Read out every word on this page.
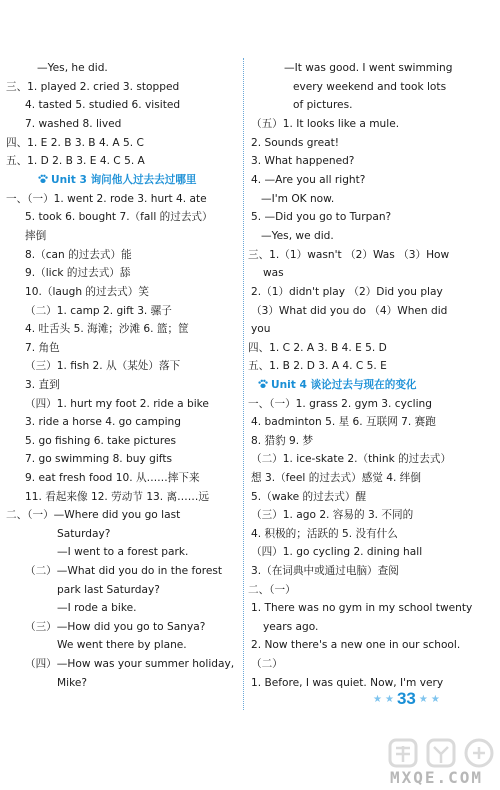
—Yes, he did.
三、1. played 2. cried 3. stopped
4. tasted 5. studied 6. visited
7. washed 8. lived
四、1. E 2. B 3. B 4. A 5. C
五、1. D 2. B 3. E 4. C 5. A
Unit 3 询问他人过去去过哪里
一、（一）1. went 2. rode 3. hurt 4. ate
5. took 6. bought 7.（fall 的过去式）
摔倒
8.（can 的过去式）能
9.（lick 的过去式）舔
10.（laugh 的过去式）笑
（二）1. camp 2. gift 3. 骡子
4. 吐舌头 5. 海滩；沙滩 6. 篮；筐
7. 角色
（三）1. fish 2. 从（某处）落下
3. 直到
（四）1. hurt my foot 2. ride a bike
3. ride a horse 4. go camping
5. go fishing 6. take pictures
7. go swimming 8. buy gifts
9. eat fresh food 10. 从……摔下来
11. 看起来像 12. 劳动节 13. 离……远
二、（一）—Where did you go last
Saturday?
—I went to a forest park.
（二）—What did you do in the forest
park last Saturday?
—I rode a bike.
（三）—How did you go to Sanya?
We went there by plane.
（四）—How was your summer holiday,
Mike?
—It was good. I went swimming
every weekend and took lots
of pictures.
（五）1. It looks like a mule.
2. Sounds great!
3. What happened?
4. —Are you all right?
—I'm OK now.
5. —Did you go to Turpan?
—Yes, we did.
三、1.（1）wasn't （2）Was （3）How
was
2.（1）didn't play （2）Did you play
（3）What did you do （4）When did
you
四、1. C 2. A 3. B 4. E 5. D
五、1. B 2. D 3. A 4. C 5. E
Unit 4 谈论过去与现在的变化
一、（一）1. grass 2. gym 3. cycling
4. badminton 5. 星 6. 互联网 7. 赛跑
8. 猎豹 9. 梦
（二）1. ice-skate 2.（think 的过去式）
想 3.（feel 的过去式）感觉 4. 绊倒
5.（wake 的过去式）醒
（三）1. ago 2. 容易的 3. 不同的
4. 积极的；活跃的 5. 没有什么
（四）1. go cycling 2. dining hall
3.（在词典中或通过电脑）查阅
二、（一）
1. There was no gym in my school twenty
years ago.
2. Now there's a new one in our school.
（二）
1. Before, I was quiet. Now, I'm very
★ ★ 33 ★ ★
MXQE.COM
